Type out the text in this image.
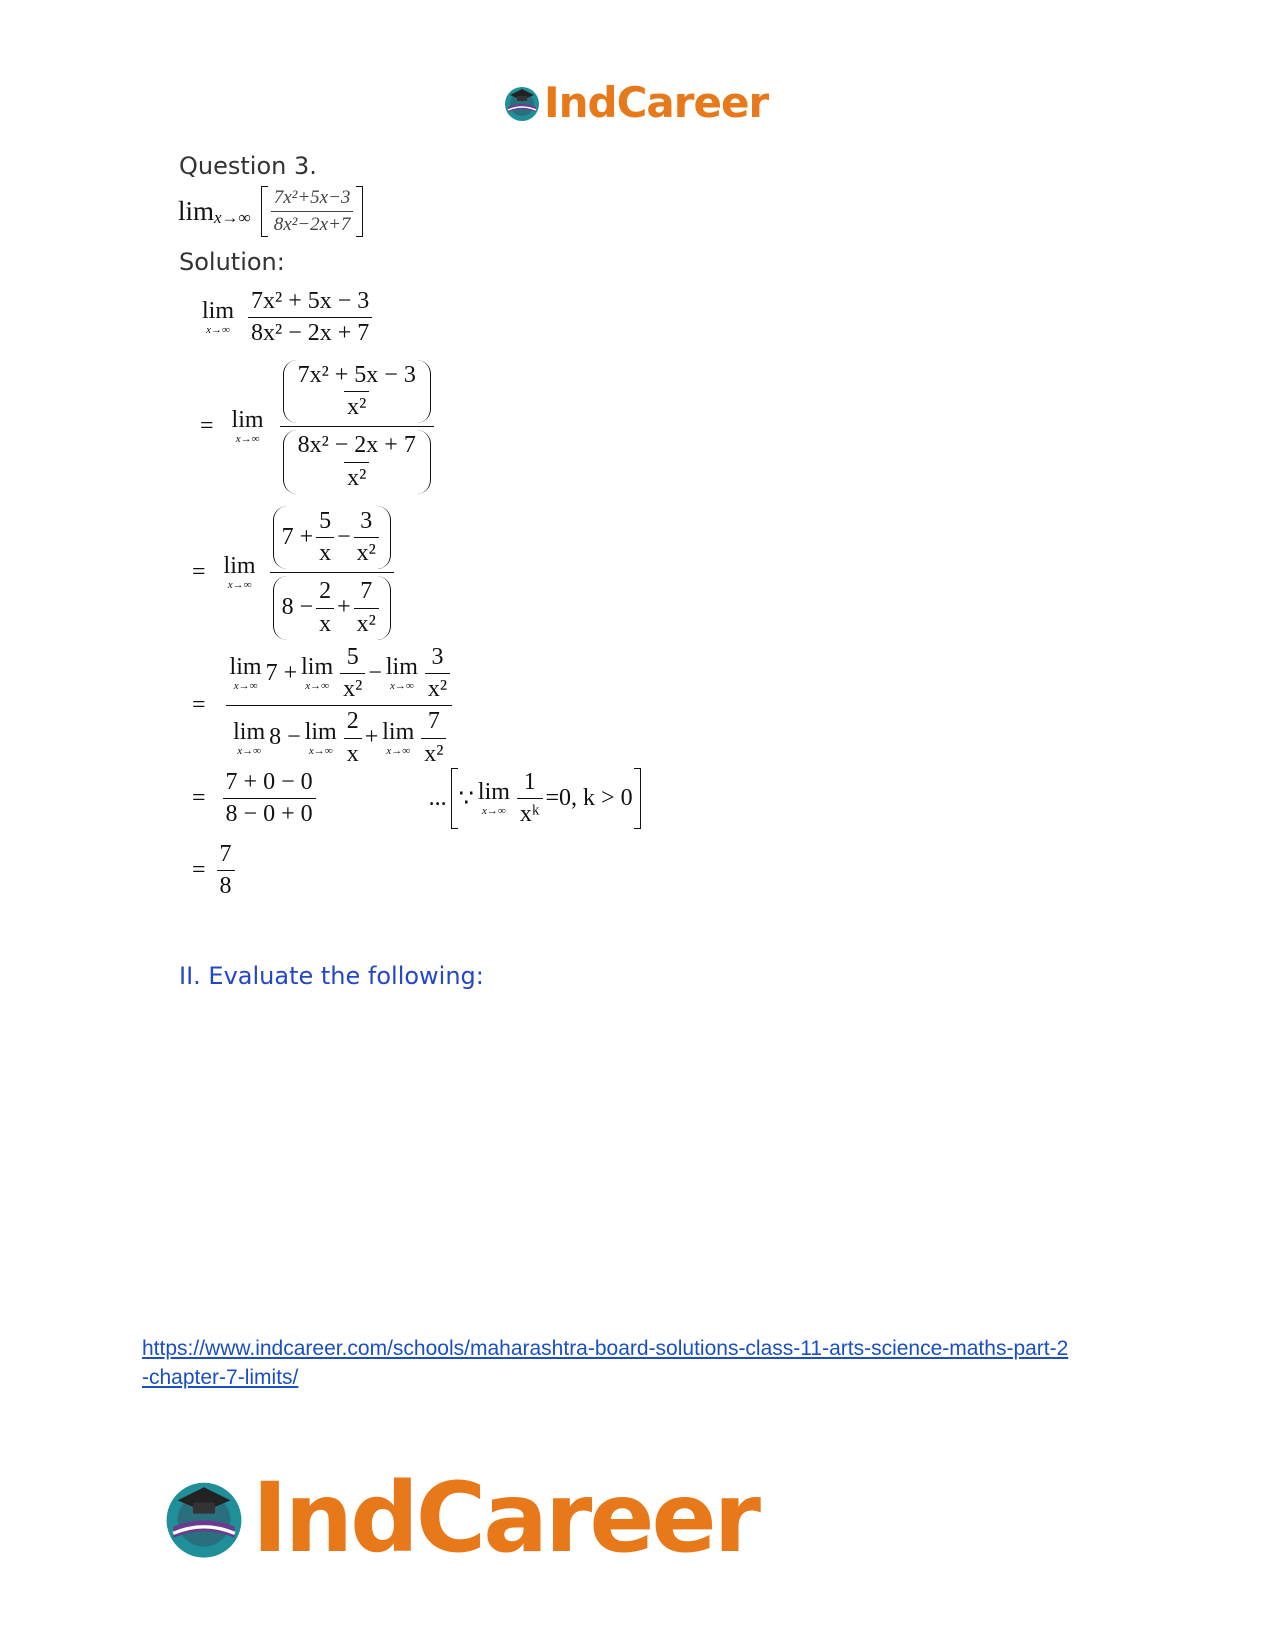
IndCareer
Question 3.
$\lim x\to\infty \frac{\text{7x²+5x−3}}{\text{8x²−2x+7}}$
Solution:
lim
$x\to\infty \frac{\text{7x² + 5x − 3}}{\text{8x² − 2x + 7}}$
= lim
$x\to\infty \frac{\frac{\text{7x² + 5x − 3}}{\text{x²}}}{\frac{\text{8x² − 2x + 7}}{\text{x²}}}$
= lim
$x\to\infty \frac{7 + \frac{5}{x} - \frac{3}{\text{x²}}}{8 - \frac{2}{x} + \frac{7}{\text{x²}}}$
=
lim
x→∞
7 + lim
$x\to\infty \frac{5}{\text{x²}} - \lim$
$x\to\infty \frac{3}{\text{x²}}$
lim
x→∞
8 − lim
$x\to\infty \frac{2}{x} + \lim$
$x\to\infty \frac{7}{\text{x²}}$
= $\frac{7 + 0 - 0}{8 - 0 + 0}$	... ∵ lim
$x\to\infty \frac{1}{\text{xᵏ}} =0$, k > 0
= $\frac{7}{8}$
II. Evaluate the following:
https://www.indcareer.com/schools/maharashtra-board-solutions-class-11-arts-science-maths-part-2-chapter-7-limits/
IndCareer
